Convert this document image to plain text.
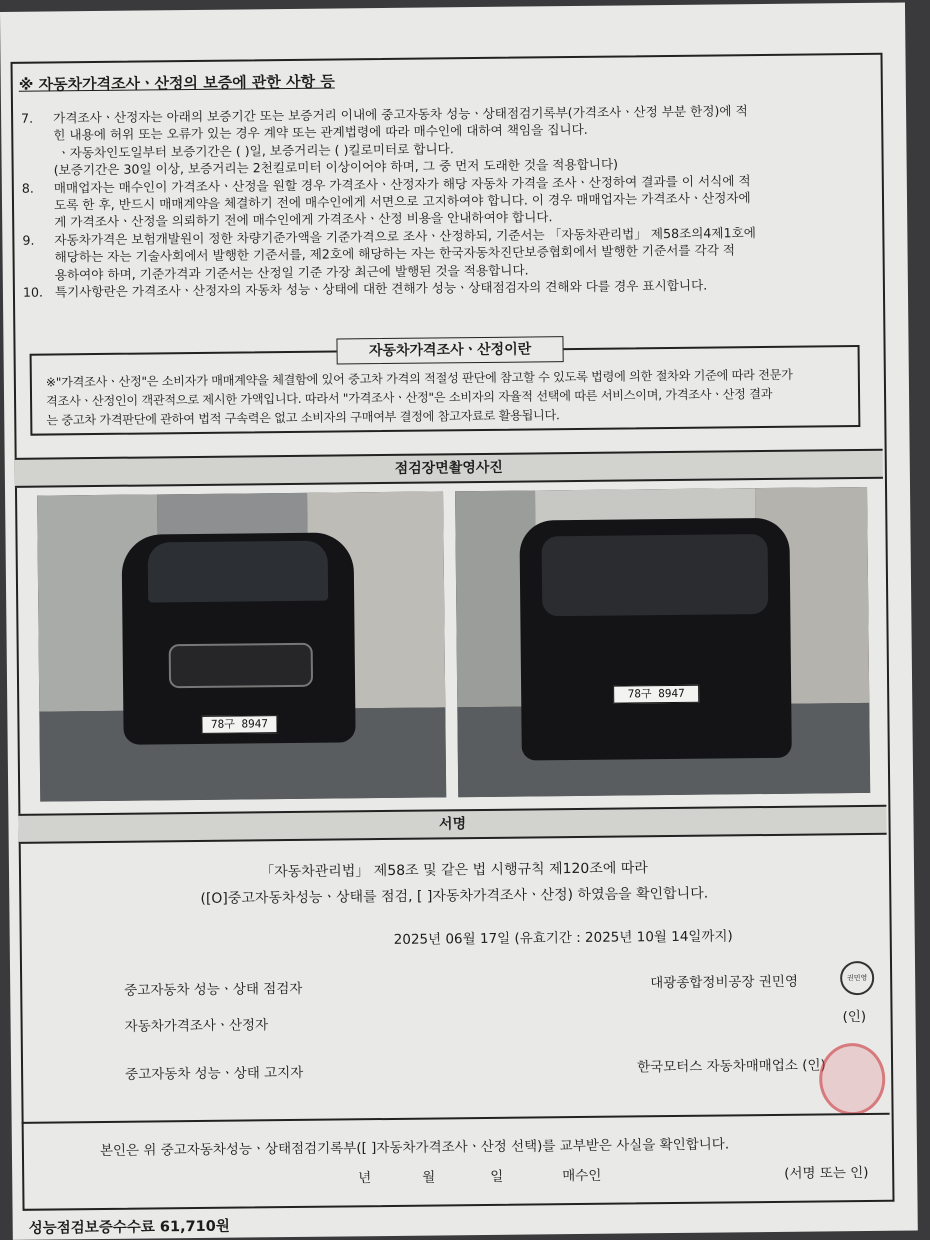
※ 자동차가격조사ㆍ산정의 보증에 관한 사항 등
7.	가격조사ㆍ산정자는 아래의 보증기간 또는 보증거리 이내에 중고자동차 성능ㆍ상태점검기록부(가격조사ㆍ산정 부분 한정)에 적
힌 내용에 허위 또는 오류가 있는 경우 계약 또는 관계법령에 따라 매수인에 대하여 책임을 집니다.
ㆍ자동차인도일부터 보증기간은 ( )일, 보증거리는 ( )킬로미터로 합니다.
(보증기간은 30일 이상, 보증거리는 2천킬로미터 이상이어야 하며, 그 중 먼저 도래한 것을 적용합니다)
8.	매매업자는 매수인이 가격조사ㆍ산정을 원할 경우 가격조사ㆍ산정자가 해당 자동차 가격을 조사ㆍ산정하여 결과를 이 서식에 적
도록 한 후, 반드시 매매계약을 체결하기 전에 매수인에게 서면으로 고지하여야 합니다. 이 경우 매매업자는 가격조사ㆍ산정자에
게 가격조사ㆍ산정을 의뢰하기 전에 매수인에게 가격조사ㆍ산정 비용을 안내하여야 합니다.
9.	자동차가격은 보험개발원이 정한 차량기준가액을 기준가격으로 조사ㆍ산정하되, 기준서는 「자동차관리법」 제58조의4제1호에
해당하는 자는 기술사회에서 발행한 기준서를, 제2호에 해당하는 자는 한국자동차진단보증협회에서 발행한 기준서를 각각 적
용하여야 하며, 기준가격과 기준서는 산정일 기준 가장 최근에 발행된 것을 적용합니다.
10. 특기사항란은 가격조사ㆍ산정자의 자동차 성능ㆍ상태에 대한 견해가 성능ㆍ상태점검자의 견해와 다를 경우 표시합니다.
자동차가격조사ㆍ산정이란
※"가격조사ㆍ산정"은 소비자가 매매계약을 체결함에 있어 중고차 가격의 적절성 판단에 참고할 수 있도록 법령에 의한 절차와 기준에 따라 전문가
격조사ㆍ산정인이 객관적으로 제시한 가액입니다. 따라서 "가격조사ㆍ산정"은 소비자의 자율적 선택에 따른 서비스이며, 가격조사ㆍ산정 결과
는 중고차 가격판단에 관하여 법적 구속력은 없고 소비자의 구매여부 결정에 참고자료로 활용됩니다.
점검장면촬영사진
78구 8947
78구 8947
서명
「자동차관리법」 제58조 및 같은 법 시행규칙 제120조에 따라
([O]중고자동차성능ㆍ상태를 점검, [ ]자동차가격조사ㆍ산정) 하였음을 확인합니다.
2025년 06월 17일 (유효기간 : 2025년 10월 14일까지)
중고자동차 성능ㆍ상태 점검자	대광종합정비공장 권민영	권민영
자동차가격조사ㆍ산정자
(인)
중고자동차 성능ㆍ상태 고지자	한국모터스 자동차매매업소 (인)
본인은 위 중고자동차성능ㆍ상태점검기록부([ ]자동차가격조사ㆍ산정 선택)를 교부받은 사실을 확인합니다.
년	월	일	매수인	(서명 또는 인)
성능점검보증수수료 61,710원
